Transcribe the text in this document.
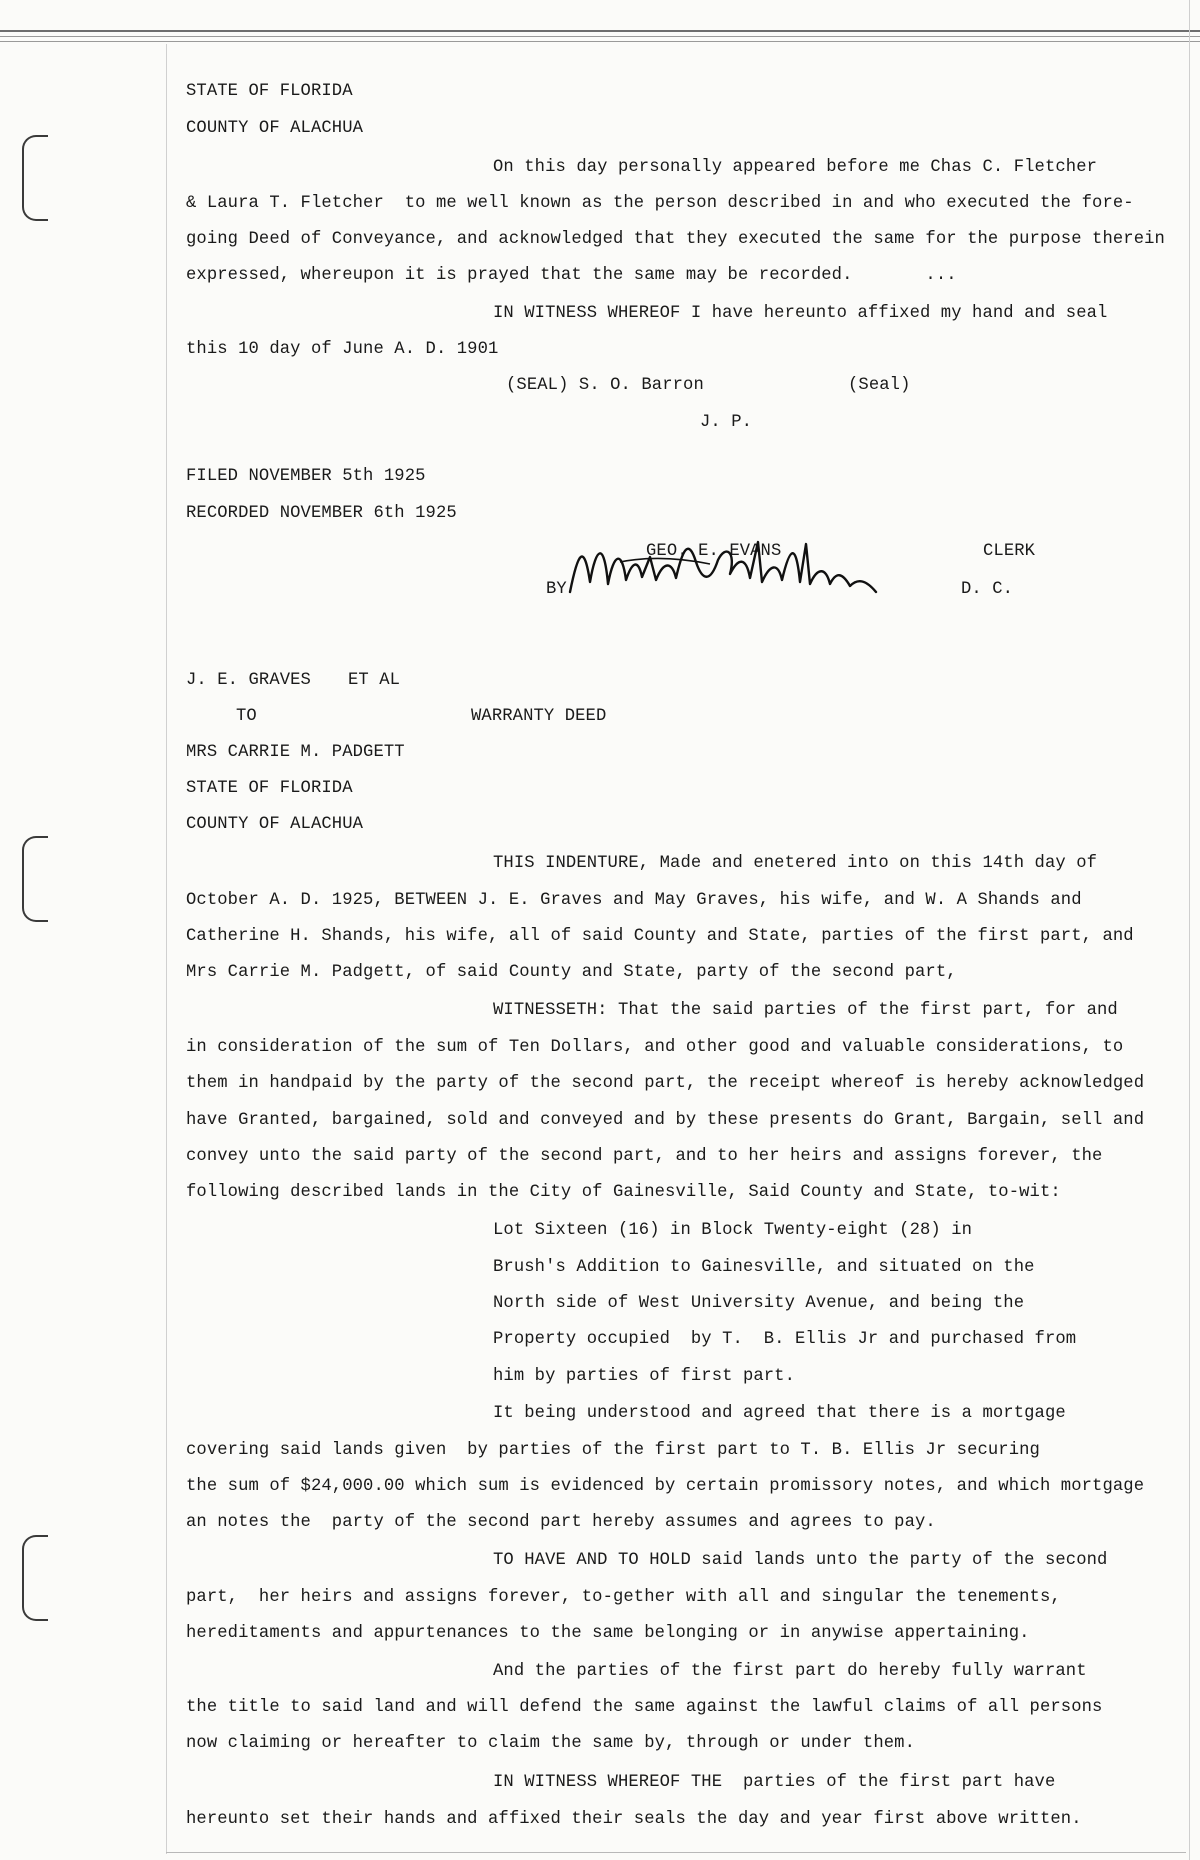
STATE OF FLORIDA
COUNTY OF ALACHUA
On this day personally appeared before me Chas C. Fletcher
& Laura T. Fletcher  to me well known as the person described in and who executed the fore-
going Deed of Conveyance, and acknowledged that they executed the same for the purpose therein
expressed, whereupon it is prayed that the same may be recorded.       ...
IN WITNESS WHEREOF I have hereunto affixed my hand and seal
this 10 day of June A. D. 1901
(SEAL) S. O. Barron	(Seal)
J. P.
FILED NOVEMBER 5th 1925
RECORDED NOVEMBER 6th 1925
GEO. E. EVANS	CLERK
BY	D. C.
J. E. GRAVES ET AL
TO	WARRANTY DEED
MRS CARRIE M. PADGETT
STATE OF FLORIDA
COUNTY OF ALACHUA
THIS INDENTURE, Made and enetered into on this 14th day of
October A. D. 1925, BETWEEN J. E. Graves and May Graves, his wife, and W. A Shands and
Catherine H. Shands, his wife, all of said County and State, parties of the first part, and
Mrs Carrie M. Padgett, of said County and State, party of the second part,
WITNESSETH: That the said parties of the first part, for and
in consideration of the sum of Ten Dollars, and other good and valuable considerations, to
them in handpaid by the party of the second part, the receipt whereof is hereby acknowledged
have Granted, bargained, sold and conveyed and by these presents do Grant, Bargain, sell and
convey unto the said party of the second part, and to her heirs and assigns forever, the
following described lands in the City of Gainesville, Said County and State, to-wit:
Lot Sixteen (16) in Block Twenty-eight (28) in
Brush's Addition to Gainesville, and situated on the
North side of West University Avenue, and being the
Property occupied  by T.  B. Ellis Jr and purchased from
him by parties of first part.
It being understood and agreed that there is a mortgage
covering said lands given  by parties of the first part to T. B. Ellis Jr securing
the sum of $24,000.00 which sum is evidenced by certain promissory notes, and which mortgage
an notes the  party of the second part hereby assumes and agrees to pay.
TO HAVE AND TO HOLD said lands unto the party of the second
part,  her heirs and assigns forever, to-gether with all and singular the tenements,
hereditaments and appurtenances to the same belonging or in anywise appertaining.
And the parties of the first part do hereby fully warrant
the title to said land and will defend the same against the lawful claims of all persons
now claiming or hereafter to claim the same by, through or under them.
IN WITNESS WHEREOF THE  parties of the first part have
hereunto set their hands and affixed their seals the day and year first above written.
